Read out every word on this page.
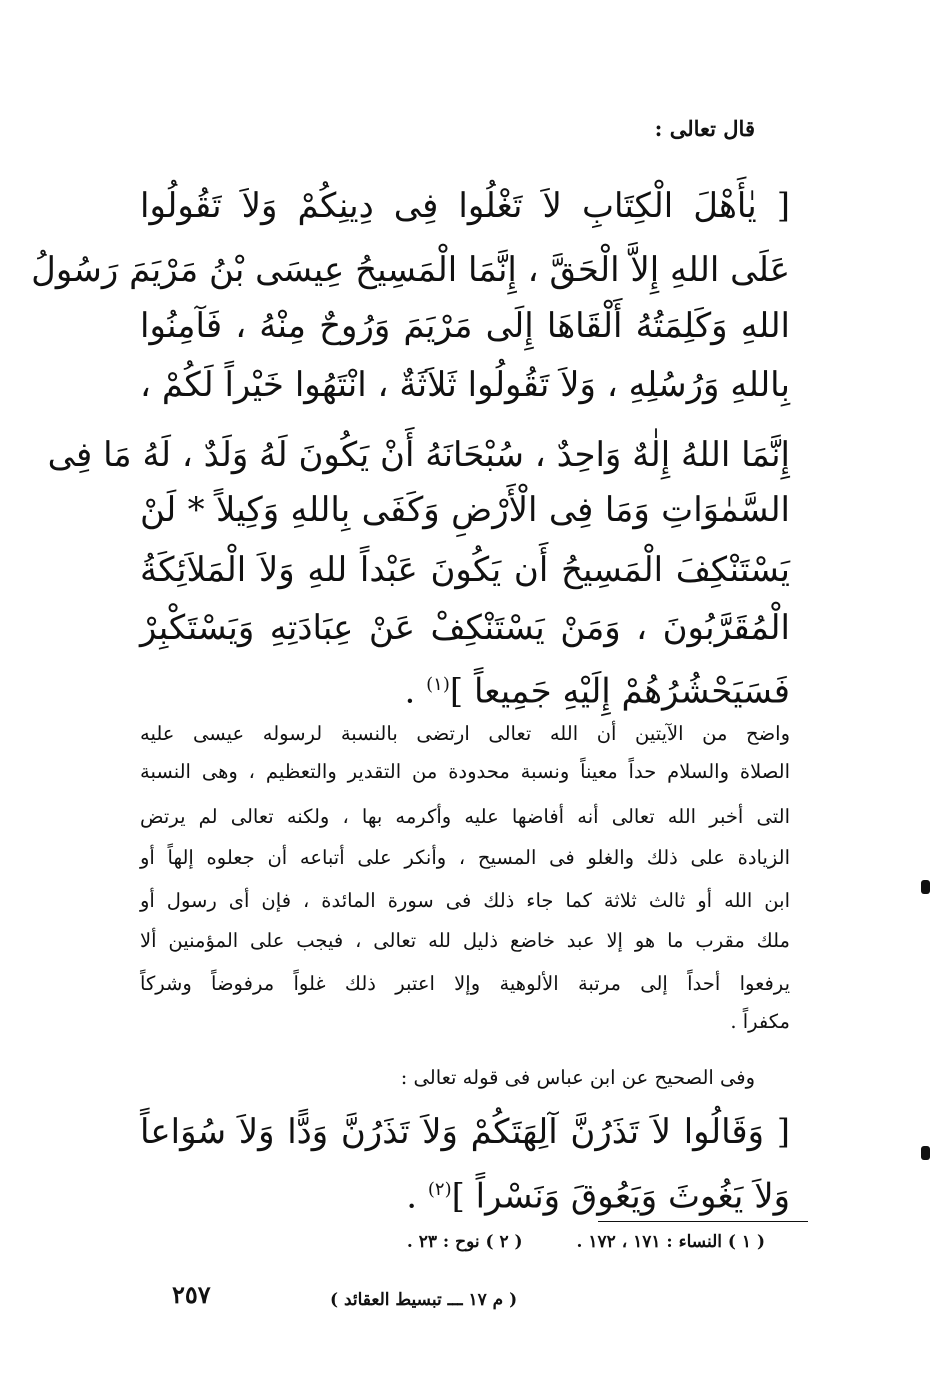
قال تعالى :
[ يٰأَهْلَ الْكِتَابِ لاَ تَغْلُوا فِى دِينِكُمْ وَلاَ تَقُولُوا
عَلَى اللهِ إِلاَّ الْحَقَّ ، إِنَّمَا الْمَسِيحُ عِيسَى بْنُ مَرْيَمَ رَسُولُ
اللهِ وَكَلِمَتُهُ أَلْقَاهَا إِلَى مَرْيَمَ وَرُوحٌ مِنْهُ ، فَآمِنُوا
بِاللهِ وَرُسُلِهِ ، وَلاَ تَقُولُوا ثَلاَثَةٌ ، انْتَهُوا خَيْراً لَكُمْ ،
إِنَّمَا اللهُ إِلٰهٌ وَاحِدٌ ، سُبْحَانَهُ أَنْ يَكُونَ لَهُ وَلَدٌ ، لَهُ مَا فِى
السَّمٰوَاتِ وَمَا فِى الْأَرْضِ وَكَفَى بِاللهِ وَكِيلاً * لَنْ
يَسْتَنْكِفَ الْمَسِيحُ أَن يَكُونَ عَبْداً للهِ وَلاَ الْمَلاَئِكَةُ
الْمُقَرَّبُونَ ، وَمَنْ يَسْتَنْكِفْ عَنْ عِبَادَتِهِ وَيَسْتَكْبِرْ
فَسَيَحْشُرُهُمْ إِلَيْهِ جَمِيعاً ]$^{(١)}$ .
واضح من الآيتين أن الله تعالى ارتضى بالنسبة لرسوله عيسى عليه
الصلاة والسلام حداً معيناً ونسبة محدودة من التقدير والتعظيم ، وهى النسبة
التى أخبر الله تعالى أنه أفاضها عليه وأكرمه بها ، ولكنه تعالى لم يرتض
الزيادة على ذلك والغلو فى المسيح ، وأنكر على أتباعه أن جعلوه إلهاً أو
ابن الله أو ثالث ثلاثة كما جاء ذلك فى سورة المائدة ، فإن أى رسول أو
ملك مقرب ما هو إلا عبد خاضع ذليل لله تعالى ، فيجب على المؤمنين ألا
يرفعوا أحداً إلى مرتبة الألوهية وإلا اعتبر ذلك غلواً مرفوضاً وشركاً
مكفراً .
وفى الصحيح عن ابن عباس فى قوله تعالى :
[ وَقَالُوا لاَ تَذَرُنَّ آلِهَتَكُمْ وَلاَ تَذَرُنَّ وَدًّا وَلاَ سُوَاعاً
وَلاَ يَغُوثَ وَيَعُوقَ وَنَسْراً ]$^{(٢)}$ .
( ١ ) النساء : ١٧١ ، ١٧٢ . ( ٢ ) نوح : ٢٣ .
٢٥٧	( م ١٧ ـــ تبسيط العقائد )
